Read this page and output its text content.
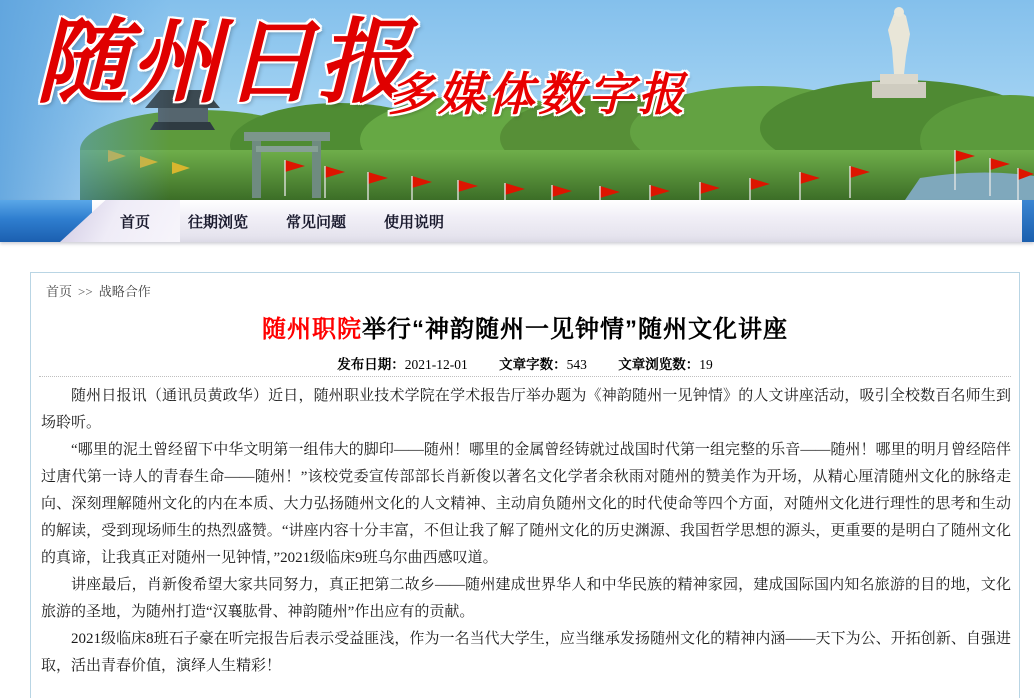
随州日报
多媒体数字报
首页	往期浏览	常见问题	使用说明
首页 >> 战略合作
随州职院举行“神韵随州一见钟情”随州文化讲座
发布日期：2021-12-01 文章字数：543 文章浏览数：19

随州日报讯（通讯员黄政华）近日，随州职业技术学院在学术报告厅举办题为《神韵随州一见钟情》的人文讲座活动，吸引全校数百名师生到场聆听。

“哪里的泥土曾经留下中华文明第一组伟大的脚印——随州！哪里的金属曾经铸就过战国时代第一组完整的乐音——随州！哪里的明月曾经陪伴过唐代第一诗人的青春生命——随州！”该校党委宣传部部长肖新俊以著名文化学者余秋雨对随州的赞美作为开场，从精心厘清随州文化的脉络走向、深刻理解随州文化的内在本质、大力弘扬随州文化的人文精神、主动肩负随州文化的时代使命等四个方面，对随州文化进行理性的思考和生动的解读，受到现场师生的热烈盛赞。“讲座内容十分丰富，不但让我了解了随州文化的历史渊源、我国哲学思想的源头，更重要的是明白了随州文化的真谛，让我真正对随州一见钟情，”2021级临床9班乌尔曲西感叹道。

讲座最后，肖新俊希望大家共同努力，真正把第二故乡——随州建成世界华人和中华民族的精神家园，建成国际国内知名旅游的目的地，文化旅游的圣地，为随州打造“汉襄肱骨、神韵随州”作出应有的贡献。

2021级临床8班石子豪在听完报告后表示受益匪浅，作为一名当代大学生，应当继承发扬随州文化的精神内涵——天下为公、开拓创新、自强进取，活出青春价值，演绎人生精彩！
